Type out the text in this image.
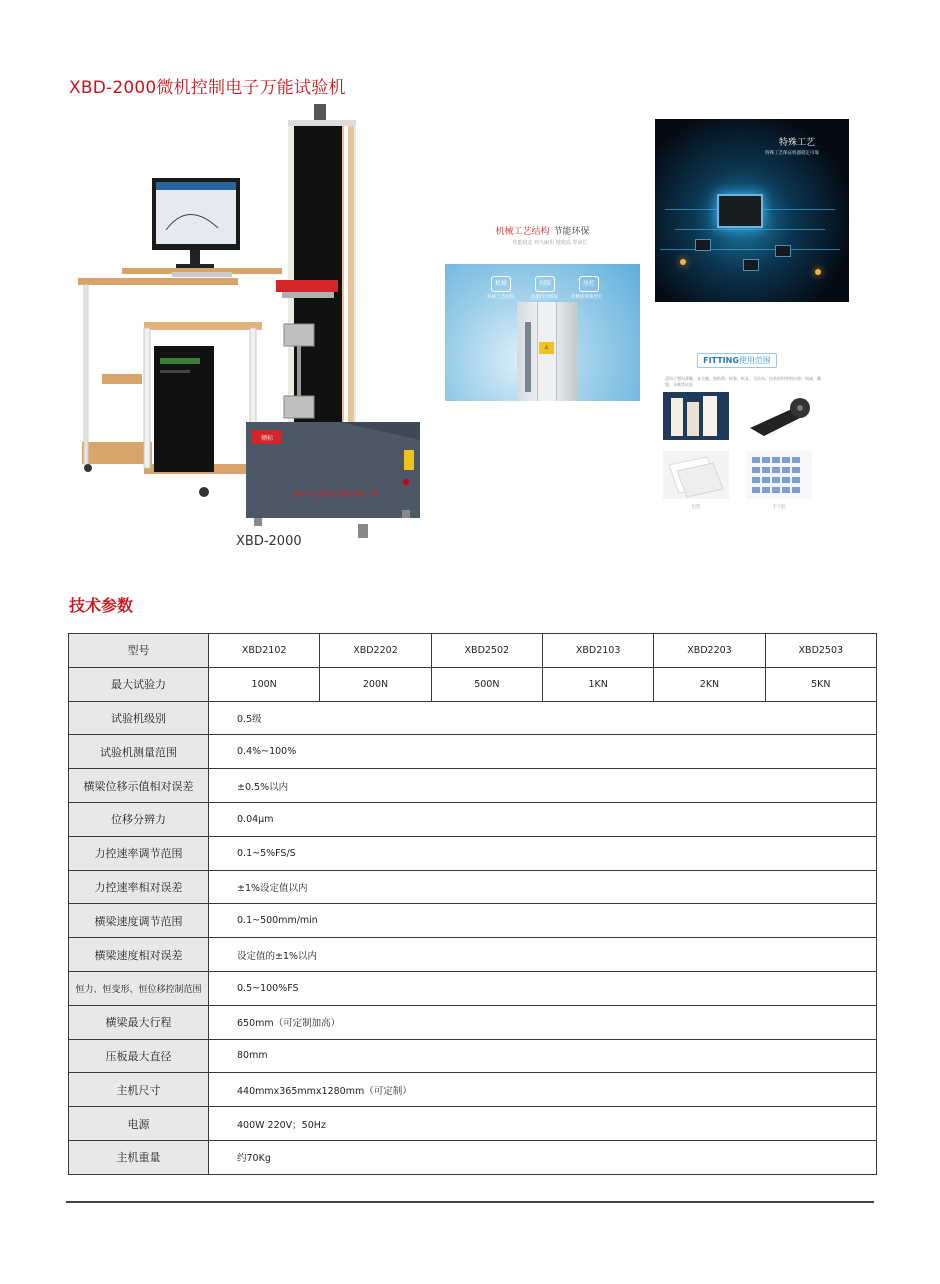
XBD-2000微机控制电子万能试验机
倾标
上海倾标检测仪器制造有限公司
XBD-2000
机械工艺结构 节能环保
性能稳定 经久耐用 精度高 寿命长
机械	伺服	丝杠
机械工艺结构	伺服传动机构	高精密滚珠丝杠
⚠
特殊工艺
特殊工艺保证机器稳定可靠
FITTING使用范围
适用于塑料薄膜、复合膜、胶粘带、标签、纸张、无纺布、包装材料等的拉伸、剥离、撕裂、穿刺等试验
包装	不干胶
技术参数
型号	XBD2102	XBD2202	XBD2502	XBD2103	XBD2203	XBD2503
最大试验力	100N	200N	500N	1KN	2KN	5KN
试验机级别	0.5级					
试验机测量范围	0.4%~100%					
横梁位移示值相对误差	±0.5%以内					
位移分辨力	0.04μm					
力控速率调节范围	0.1~5%FS/S					
力控速率相对误差	±1%设定值以内					
横梁速度调节范围	0.1~500mm/min					
横梁速度相对误差	设定值的±1%以内					
恒力、恒变形、恒位移控制范围	0.5~100%FS					
横梁最大行程	650mm（可定制加高）					
压板最大直径	80mm					
主机尺寸	440mmx365mmx1280mm（可定制）					
电源	400W 220V；50Hz					
主机重量	约70Kg					
